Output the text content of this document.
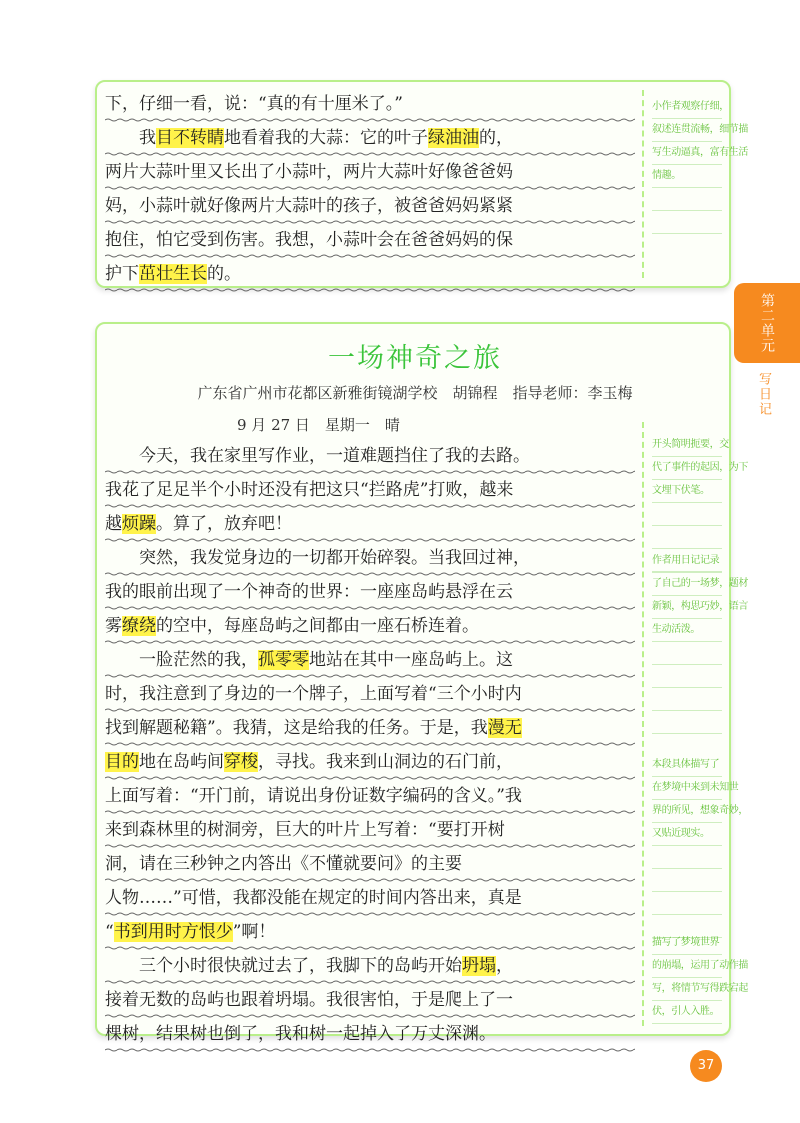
下，仔细一看，说：“真的有十厘米了。”
我目不转睛地看着我的大蒜：它的叶子绿油油的，
两片大蒜叶里又长出了小蒜叶，两片大蒜叶好像爸爸妈
妈，小蒜叶就好像两片大蒜叶的孩子，被爸爸妈妈紧紧
抱住，怕它受到伤害。我想，小蒜叶会在爸爸妈妈的保
护下茁壮生长的。
小作者观察仔细，
叙述连贯流畅，细节描
写生动逼真，富有生活
情趣。
一场神奇之旅
广东省广州市花都区新雅街镜湖学校　胡锦程　指导老师：李玉梅
9 月 27 日　星期一　晴
今天，我在家里写作业，一道难题挡住了我的去路。
我花了足足半个小时还没有把这只“拦路虎”打败，越来
越烦躁。算了，放弃吧！
突然，我发觉身边的一切都开始碎裂。当我回过神，
我的眼前出现了一个神奇的世界：一座座岛屿悬浮在云
雾缭绕的空中，每座岛屿之间都由一座石桥连着。
一脸茫然的我，孤零零地站在其中一座岛屿上。这
时，我注意到了身边的一个牌子，上面写着“三个小时内
找到解题秘籍”。我猜，这是给我的任务。于是，我漫无
目的地在岛屿间穿梭，寻找。我来到山洞边的石门前，
上面写着：“开门前，请说出身份证数字编码的含义。”我
来到森林里的树洞旁，巨大的叶片上写着：“要打开树
洞，请在三秒钟之内答出《不懂就要问》的主要
人物……”可惜，我都没能在规定的时间内答出来，真是
“书到用时方恨少”啊！
三个小时很快就过去了，我脚下的岛屿开始坍塌，
接着无数的岛屿也跟着坍塌。我很害怕，于是爬上了一
棵树，结果树也倒了，我和树一起掉入了万丈深渊。
开头简明扼要，交
代了事件的起因，为下
文埋下伏笔。
作者用日记记录
了自己的一场梦，题材
新颖，构思巧妙，语言
生动活泼。
本段具体描写了
在梦境中来到未知世
界的所见，想象奇妙，
又贴近现实。
描写了梦境世界
的崩塌，运用了动作描
写，将情节写得跌宕起
伏，引人入胜。
第二单元
写日记
37
